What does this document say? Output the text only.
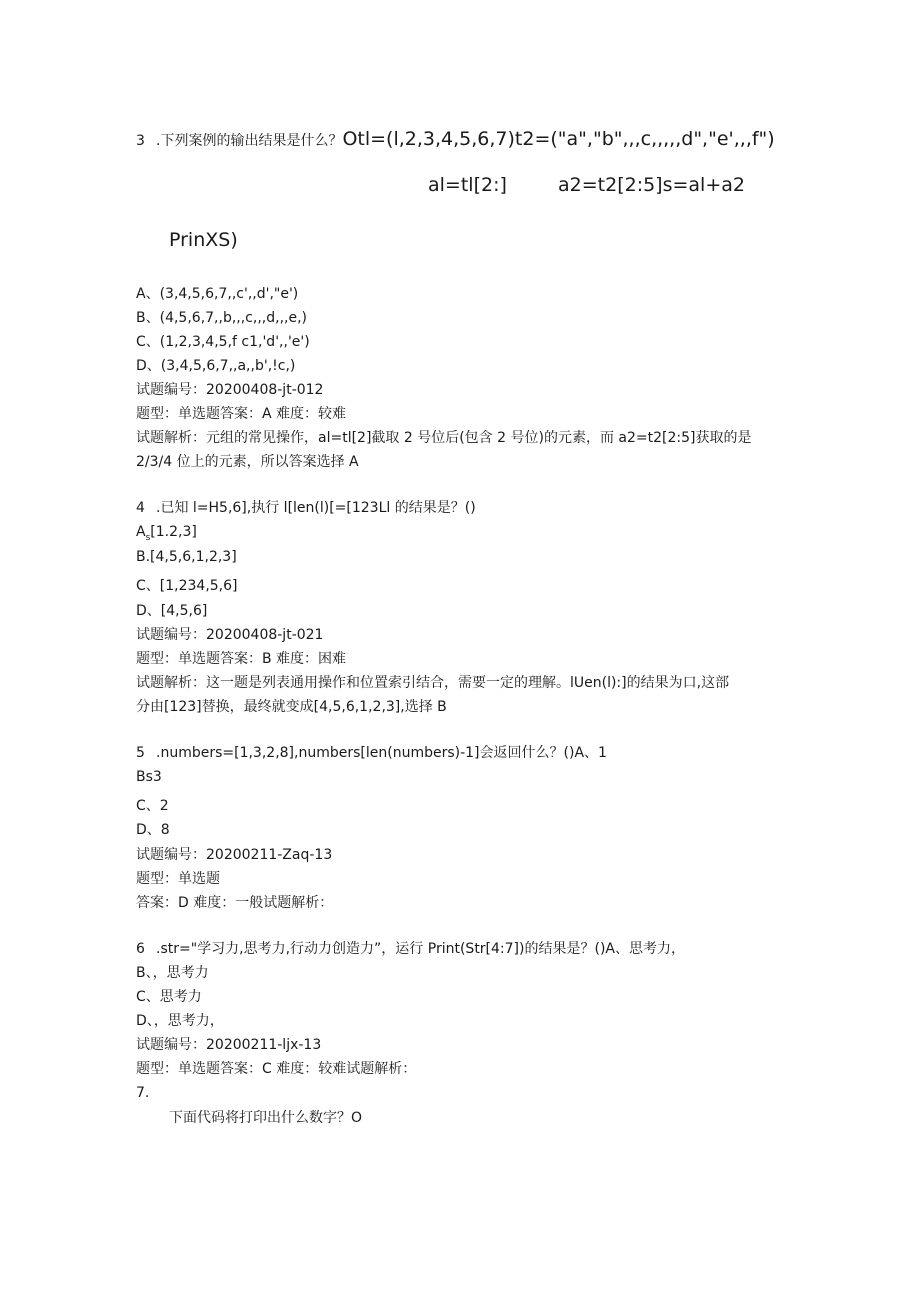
3 .下列案例的输出结果是什么？Otl=(l,2,3,4,5,6,7)t2=("a","b",,,c,,,,,d","e',,,f")
al=tl[2:]	a2=t2[2:5]s=al+a2
PrinXS)
A、(3,4,5,6,7,,c',,d',"e')
B、(4,5,6,7,,b,,,c,,,d,,,e,)
C、(1,2,3,4,5,f c1,'d',,'e')
D、(3,4,5,6,7,,a,,b',!c,)
试题编号：20200408-jt-012
题型：单选题答案：A 难度：较难
试题解析：元组的常见操作，al=tl[2]截取 2 号位后(包含 2 号位)的元素，而 a2=t2[2:5]获取的是
2/3/4 位上的元素，所以答案选择 A
4 .已知 l=H5,6],执行 l[len(l)[=[123Ll 的结果是？()
$A_s[1.2,3]$
B.[4,5,6,1,2,3]
C、[1,234,5,6]
D、[4,5,6]
试题编号：20200408-jt-021
题型：单选题答案：B 难度：困难
试题解析：这一题是列表通用操作和位置索引结合，需要一定的理解。lUen(l):]的结果为口,这部
分由[123]替换，最终就变成[4,5,6,1,2,3],选择 B
5 .numbers=[1,3,2,8],numbers[len(numbers)-1]会返回什么？()A、1
Bs3
C、2
D、8
试题编号：20200211-Zaq-13
题型：单选题
答案：D 难度：一般试题解析：
6 .str="学习力,思考力,行动力创造力”，运行 Print(Str[4:7])的结果是？()A、思考力，
B、，思考力
C、思考力
D、，思考力，
试题编号：20200211-ljx-13
题型：单选题答案：C 难度：较难试题解析：
7.
下面代码将打印出什么数字？O
